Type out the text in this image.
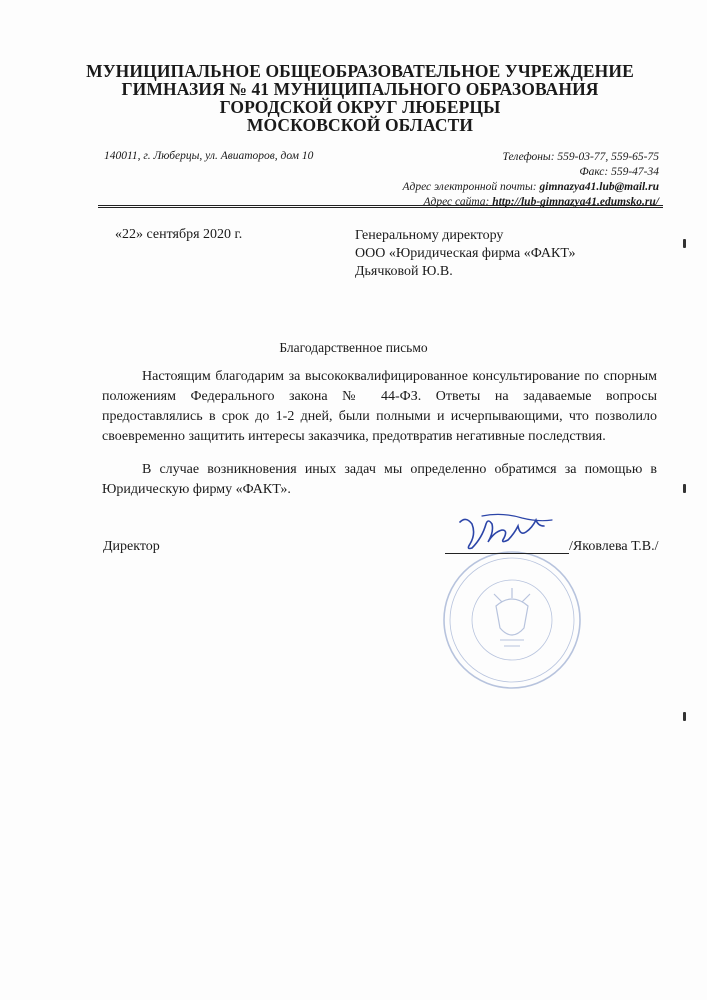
МУНИЦИПАЛЬНОЕ ОБЩЕОБРАЗОВАТЕЛЬНОЕ УЧРЕЖДЕНИЕ
ГИМНАЗИЯ № 41 МУНИЦИПАЛЬНОГО ОБРАЗОВАНИЯ
ГОРОДСКОЙ ОКРУГ ЛЮБЕРЦЫ
МОСКОВСКОЙ ОБЛАСТИ
140011, г. Люберцы, ул. Авиаторов, дом 10	Телефоны: 559-03-77, 559-65-75
Факс: 559-47-34
Адрес электронной почты: gimnazya41.lub@mail.ru
Адрес сайта: http://lub-gimnazya41.edumsko.ru/
«22» сентября 2020 г.	Генеральному директору
ООО «Юридическая фирма «ФАКТ»
Дьячковой Ю.В.
Благодарственное письмо

Настоящим благодарим за высококвалифицированное консультирование по спорным положениям Федерального закона № 44-ФЗ. Ответы на задаваемые вопросы предоставлялись в срок до 1-2 дней, были полными и исчерпывающими, что позволило своевременно защитить интересы заказчика, предотвратив негативные последствия.

В случае возникновения иных задач мы определенно обратимся за помощью в Юридическую фирму «ФАКТ».

Директор	/Яковлева Т.В./
